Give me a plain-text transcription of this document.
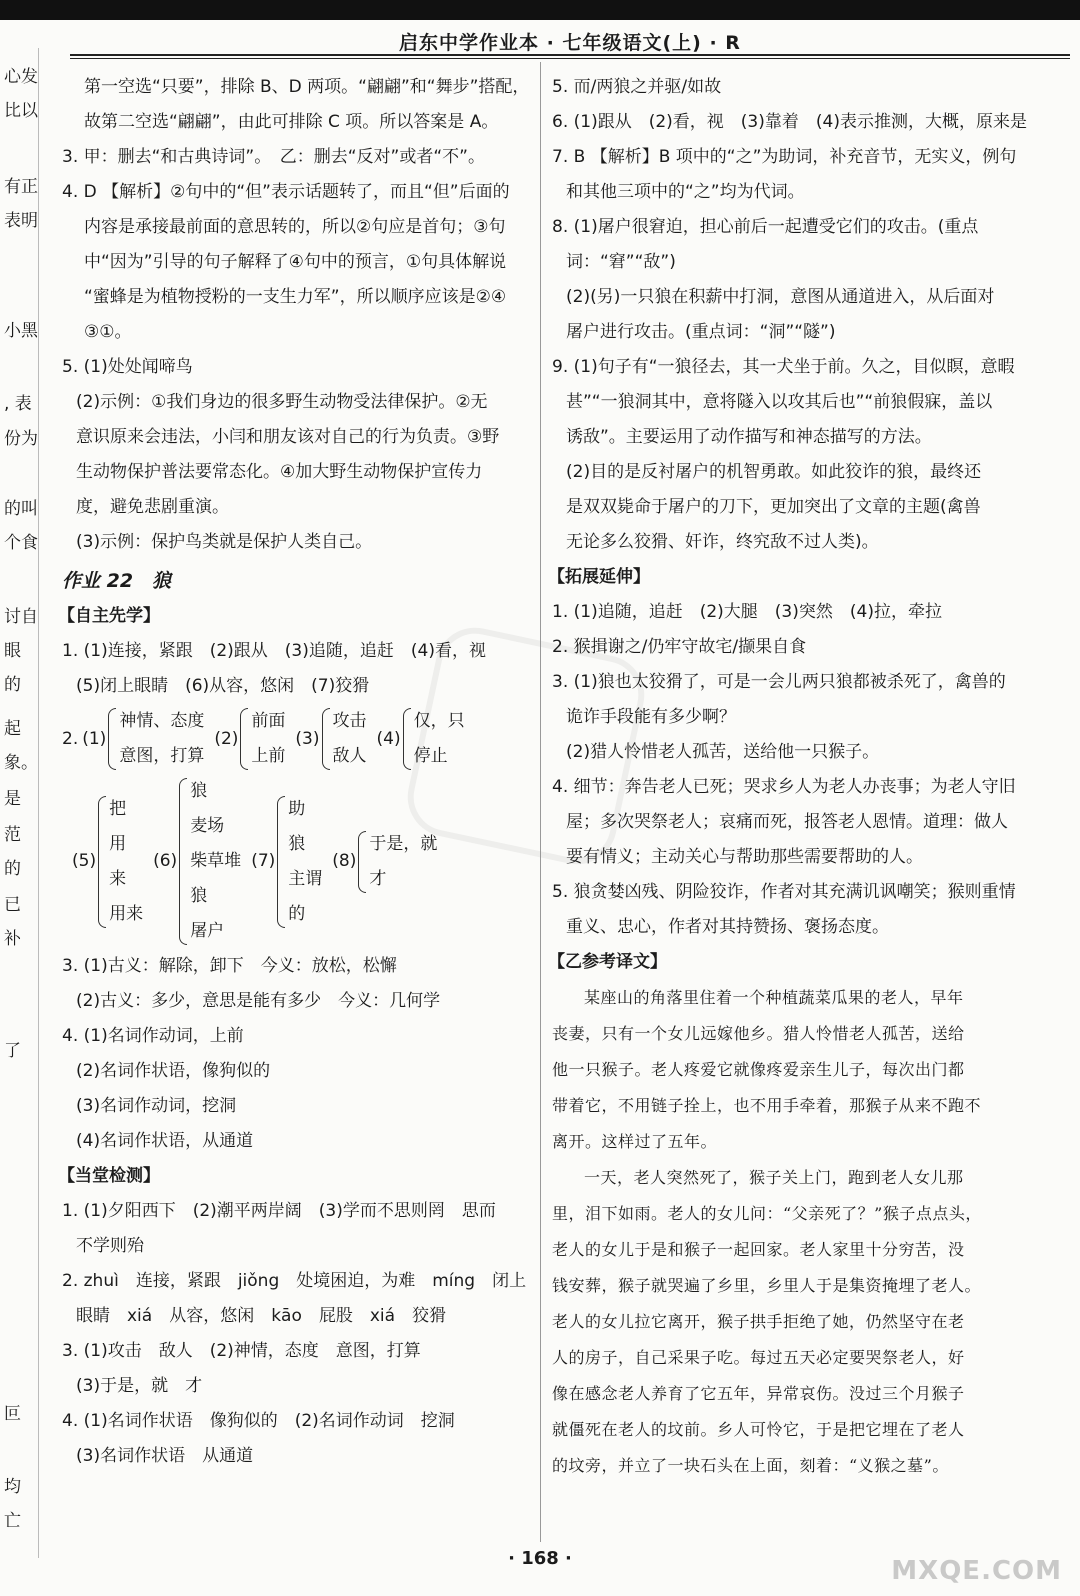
启东中学作业本 · 七年级语文(上) · R
心发
比以
有正
表明
小黑
, 表
份为
的叫
个食
讨自
眼
的
起
象。
是
范
的
已
补
了
叵
均
亡
第一空选“只要”，排除 B、D 两项。“翩翩”和“舞步”搭配，
故第二空选“翩翩”，由此可排除 C 项。所以答案是 A。
3. 甲：删去“和古典诗词”。　乙：删去“反对”或者“不”。
4. D 【解析】②句中的“但”表示话题转了，而且“但”后面的
内容是承接最前面的意思转的，所以②句应是首句；③句
中“因为”引导的句子解释了④句中的预言，①句具体解说
“蜜蜂是为植物授粉的一支生力军”，所以顺序应该是②④
③①。
5. (1)处处闻啼鸟
(2)示例：①我们身边的很多野生动物受法律保护。②无
意识原来会违法，小闫和朋友该对自己的行为负责。③野
生动物保护普法要常态化。④加大野生动物保护宣传力
度，避免悲剧重演。
(3)示例：保护鸟类就是保护人类自己。
作业 22　狼
【自主先学】
1. (1)连接，紧跟　(2)跟从　(3)追随，追赶　(4)看，视
(5)闭上眼睛　(6)从容，悠闲　(7)狡猾
2. (1)
神情、态度
意图，打算
(2)
前面
上前
(3)
攻击
敌人
(4)
仅，只
停止
(5)
把
用
来
用来
(6)
狼
麦场
柴草堆
狼
屠户
(7)
助
狼
主谓
的
(8)
于是，就
才
3. (1)古义：解除，卸下　今义：放松，松懈
(2)古义：多少，意思是能有多少　今义：几何学
4. (1)名词作动词，上前
(2)名词作状语，像狗似的
(3)名词作动词，挖洞
(4)名词作状语，从通道
【当堂检测】
1. (1)夕阳西下　(2)潮平两岸阔　(3)学而不思则罔　思而
不学则殆
2. zhuì　连接，紧跟　jiǒng　处境困迫，为难　míng　闭上
眼睛　xiá　从容，悠闲　kāo　屁股　xiá　狡猾
3. (1)攻击　敌人　(2)神情，态度　意图，打算
(3)于是，就　才
4. (1)名词作状语　像狗似的　(2)名词作动词　挖洞
(3)名词作状语　从通道
5. 而/两狼之并驱/如故
6. (1)跟从　(2)看，视　(3)靠着　(4)表示推测，大概，原来是
7. B 【解析】B 项中的“之”为助词，补充音节，无实义，例句
和其他三项中的“之”均为代词。
8. (1)屠户很窘迫，担心前后一起遭受它们的攻击。(重点
词：“窘”“敌”)
(2)(另)一只狼在积薪中打洞，意图从通道进入，从后面对
屠户进行攻击。(重点词：“洞”“隧”)
9. (1)句子有“一狼径去，其一犬坐于前。久之，目似瞑，意暇
甚”“一狼洞其中，意将隧入以攻其后也”“前狼假寐，盖以
诱敌”。主要运用了动作描写和神态描写的方法。
(2)目的是反衬屠户的机智勇敢。如此狡诈的狼，最终还
是双双毙命于屠户的刀下，更加突出了文章的主题(禽兽
无论多么狡猾、奸诈，终究敌不过人类)。
【拓展延伸】
1. (1)追随，追赶　(2)大腿　(3)突然　(4)拉，牵拉
2. 猴揖谢之/仍牢守故宅/撷果自食
3. (1)狼也太狡猾了，可是一会儿两只狼都被杀死了，禽兽的
诡诈手段能有多少啊？
(2)猎人怜惜老人孤苦，送给他一只猴子。
4. 细节：奔告老人已死；哭求乡人为老人办丧事；为老人守旧
屋；多次哭祭老人；哀痛而死，报答老人恩情。道理：做人
要有情义；主动关心与帮助那些需要帮助的人。
5. 狼贪婪凶残、阴险狡诈，作者对其充满讥讽嘲笑；猴则重情
重义、忠心，作者对其持赞扬、褒扬态度。
【乙参考译文】
某座山的角落里住着一个种植蔬菜瓜果的老人，早年
丧妻，只有一个女儿远嫁他乡。猎人怜惜老人孤苦，送给
他一只猴子。老人疼爱它就像疼爱亲生儿子，每次出门都
带着它，不用链子拴上，也不用手牵着，那猴子从来不跑不
离开。这样过了五年。
一天，老人突然死了，猴子关上门，跑到老人女儿那
里，泪下如雨。老人的女儿问：“父亲死了？”猴子点点头，
老人的女儿于是和猴子一起回家。老人家里十分穷苦，没
钱安葬，猴子就哭遍了乡里，乡里人于是集资掩埋了老人。
老人的女儿拉它离开，猴子拱手拒绝了她，仍然坚守在老
人的房子，自己采果子吃。每过五天必定要哭祭老人，好
像在感念老人养育了它五年，异常哀伤。没过三个月猴子
就僵死在老人的坟前。乡人可怜它，于是把它埋在了老人
的坟旁，并立了一块石头在上面，刻着：“义猴之墓”。
· 168 ·	MXQE.COM
